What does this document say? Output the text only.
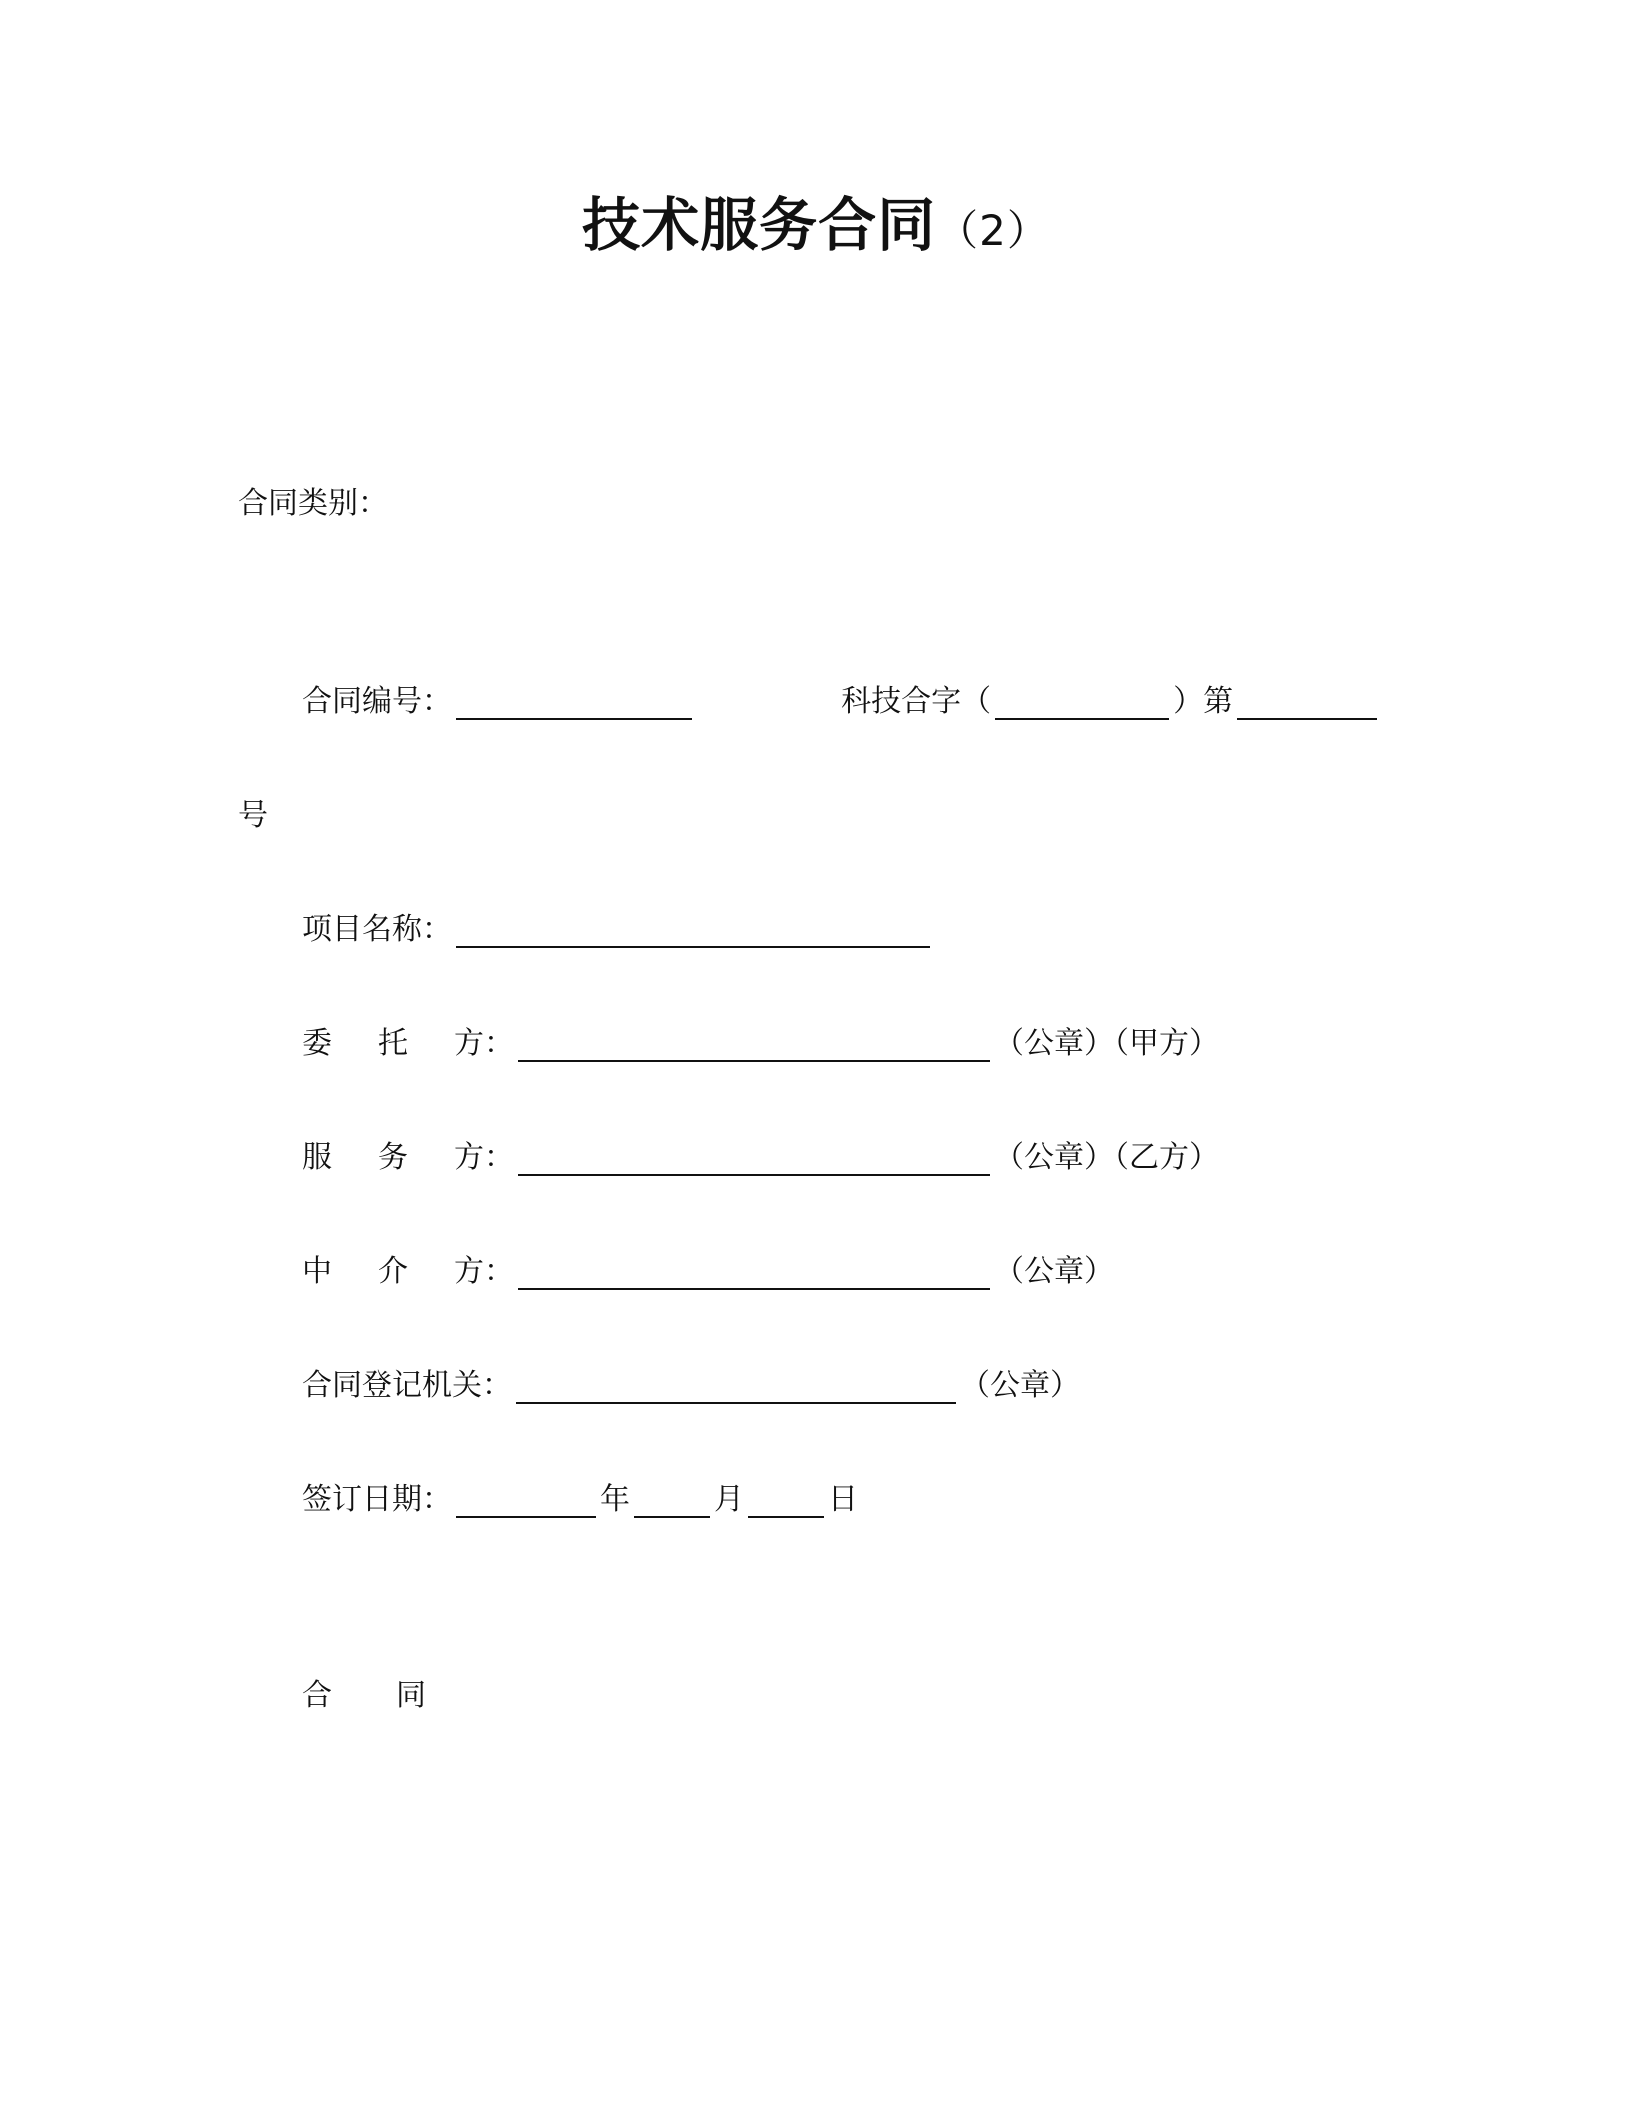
技术服务合同（2）
合同类别：
合同编号：	科技合字（	）第
号
项目名称：
委 托 方：	（公章）（甲方）
服 务 方：	（公章）（乙方）
中 介 方：	（公章）
合同登记机关：	（公章）
签订日期：	年	月	日
合 同
